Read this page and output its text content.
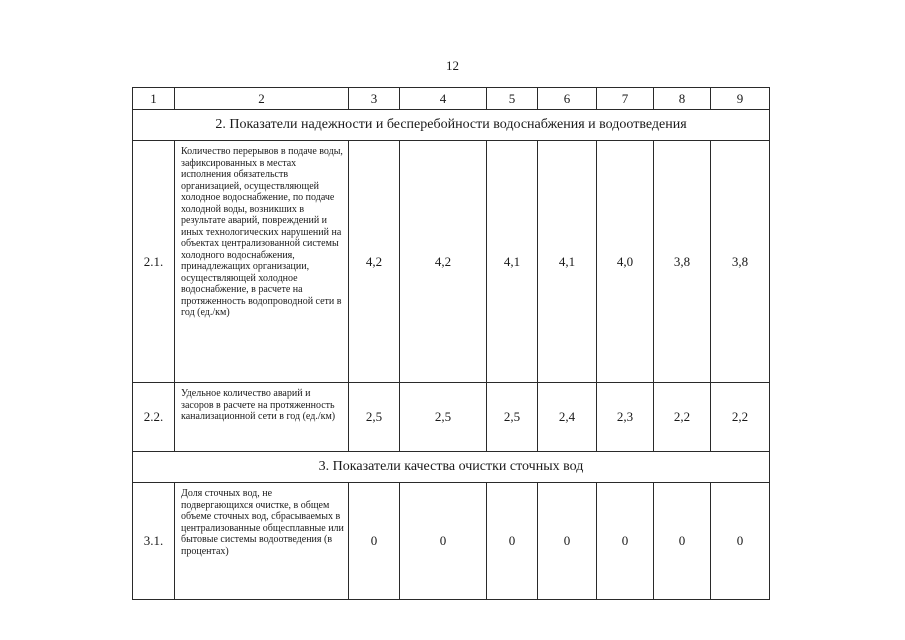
12
1	2	3	4	5	6	7	8	9
2. Показатели надежности и бесперебойности водоснабжения и водоотведения								
2.1.	Количество перерывов в подаче воды, зафиксированных в местах исполнения обязательств организацией, осуществляющей холодное водоснабжение, по подаче холодной воды, возникших в результате аварий, повреждений и иных технологических нарушений на объектах централизованной системы холодного водоснабжения, принадлежащих организации, осуществляющей холодное водоснабжение, в расчете на протяженность водопроводной сети в год (ед./км)	4,2	4,2	4,1	4,1	4,0	3,8	3,8
2.2.	Удельное количество аварий и засоров в расчете на протяженность канализационной сети в год (ед./км)	2,5	2,5	2,5	2,4	2,3	2,2	2,2
3. Показатели качества очистки сточных вод								
3.1.	Доля сточных вод, не подвергающихся очистке, в общем объеме сточных вод, сбрасываемых в централизованные общесплавные или бытовые системы водоотведения (в процентах)	0	0	0	0	0	0	0
